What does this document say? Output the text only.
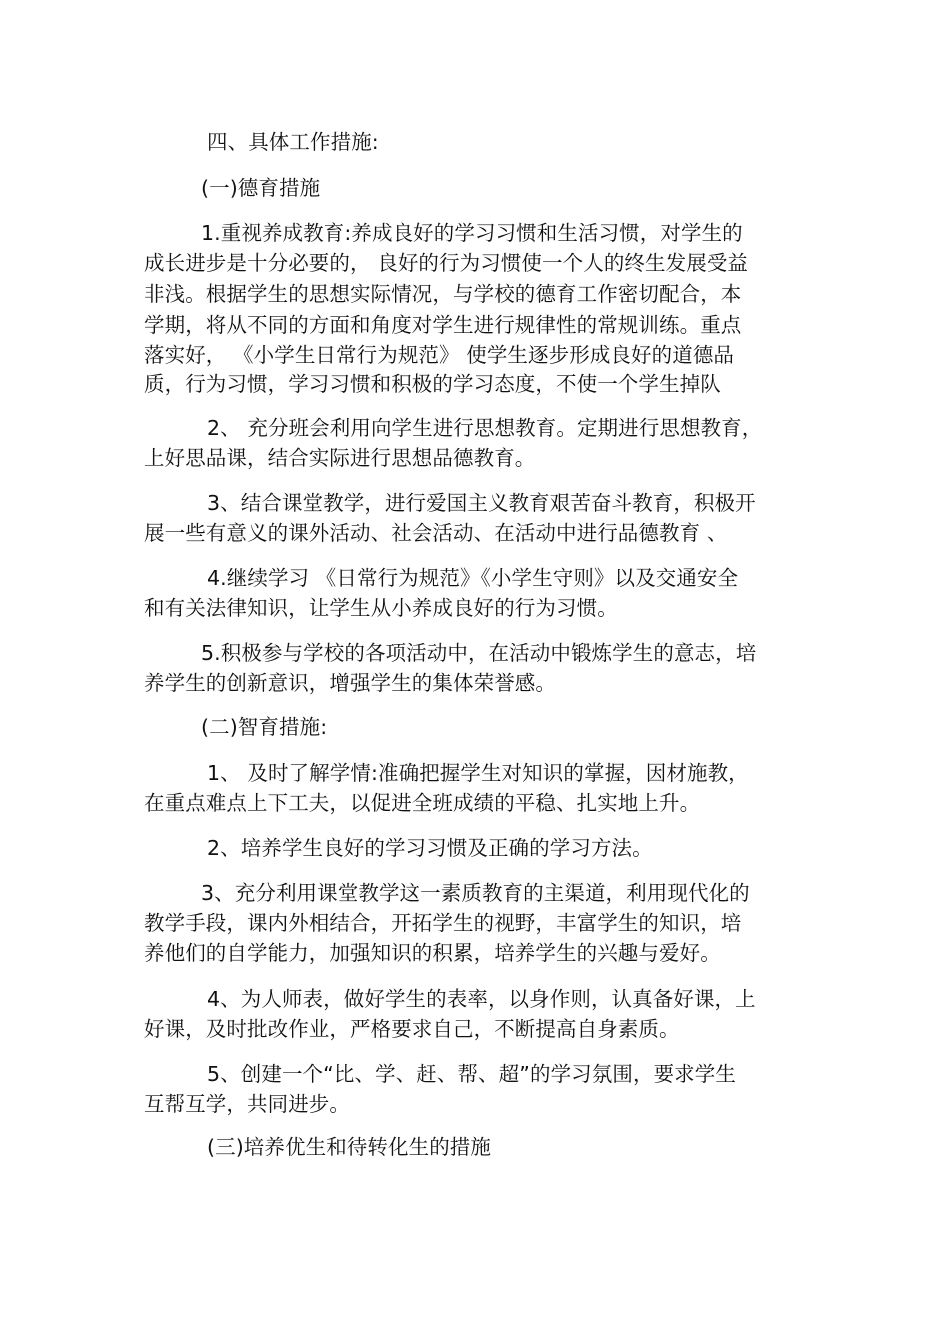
四、具体工作措施:

(一)德育措施

1.重视养成教育:养成良好的学习习惯和生活习惯，对学生的

成长进步是十分必要的， 良好的行为习惯使一个人的终生发展受益

非浅。根据学生的思想实际情况，与学校的德育工作密切配合，本

学期，将从不同的方面和角度对学生进行规律性的常规训练。重点

落实好， 《小学生日常行为规范》 使学生逐步形成良好的道德品

质，行为习惯，学习习惯和积极的学习态度，不使一个学生掉队

2、 充分班会利用向学生进行思想教育。定期进行思想教育，

上好思品课，结合实际进行思想品德教育。

3、结合课堂教学，进行爱国主义教育艰苦奋斗教育，积极开

展一些有意义的课外活动、社会活动、在活动中进行品德教育 、

4.继续学习 《日常行为规范》《小学生守则》以及交通安全

和有关法律知识，让学生从小养成良好的行为习惯。

5.积极参与学校的各项活动中，在活动中锻炼学生的意志，培

养学生的创新意识，增强学生的集体荣誉感。

(二)智育措施:

1、 及时了解学情:准确把握学生对知识的掌握，因材施教，

在重点难点上下工夫，以促进全班成绩的平稳、扎实地上升。

2、培养学生良好的学习习惯及正确的学习方法。

3、充分利用课堂教学这一素质教育的主渠道，利用现代化的

教学手段，课内外相结合，开拓学生的视野，丰富学生的知识，培

养他们的自学能力，加强知识的积累，培养学生的兴趣与爱好。

4、为人师表，做好学生的表率，以身作则，认真备好课，上

好课，及时批改作业，严格要求自己，不断提高自身素质。

5、创建一个“比、学、赶、帮、超”的学习氛围，要求学生

互帮互学，共同进步。

(三)培养优生和待转化生的措施
